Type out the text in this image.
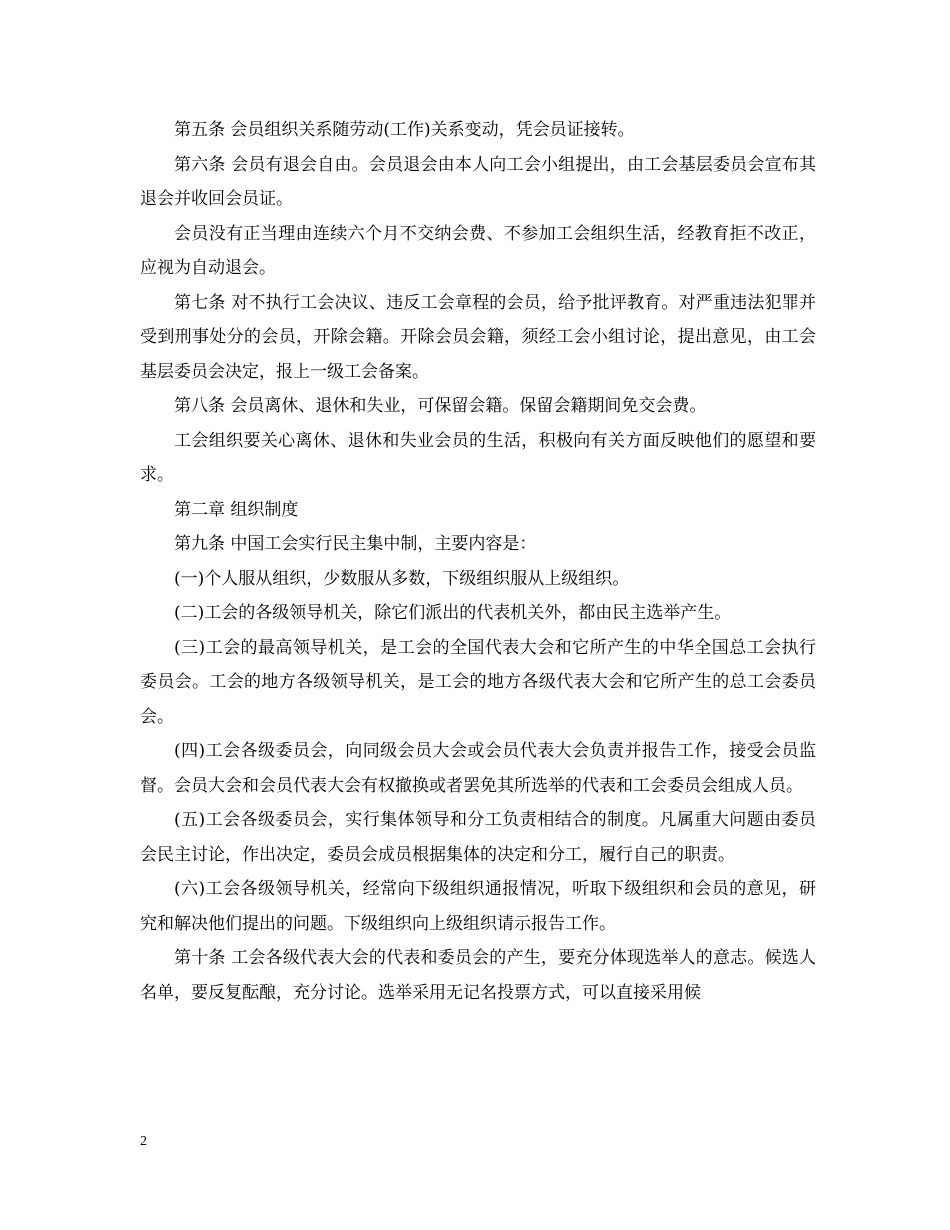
第五条 会员组织关系随劳动(工作)关系变动，凭会员证接转。

第六条 会员有退会自由。会员退会由本人向工会小组提出，由工会基层委员会宣布其退会并收回会员证。

会员没有正当理由连续六个月不交纳会费、不参加工会组织生活，经教育拒不改正，应视为自动退会。

第七条 对不执行工会决议、违反工会章程的会员，给予批评教育。对严重违法犯罪并受到刑事处分的会员，开除会籍。开除会员会籍，须经工会小组讨论，提出意见，由工会基层委员会决定，报上一级工会备案。

第八条 会员离休、退休和失业，可保留会籍。保留会籍期间免交会费。

工会组织要关心离休、退休和失业会员的生活，积极向有关方面反映他们的愿望和要求。

第二章 组织制度

第九条 中国工会实行民主集中制，主要内容是：

(一)个人服从组织，少数服从多数，下级组织服从上级组织。

(二)工会的各级领导机关，除它们派出的代表机关外，都由民主选举产生。

(三)工会的最高领导机关，是工会的全国代表大会和它所产生的中华全国总工会执行委员会。工会的地方各级领导机关，是工会的地方各级代表大会和它所产生的总工会委员会。

(四)工会各级委员会，向同级会员大会或会员代表大会负责并报告工作，接受会员监督。会员大会和会员代表大会有权撤换或者罢免其所选举的代表和工会委员会组成人员。

(五)工会各级委员会，实行集体领导和分工负责相结合的制度。凡属重大问题由委员会民主讨论，作出决定，委员会成员根据集体的决定和分工，履行自己的职责。

(六)工会各级领导机关，经常向下级组织通报情况，听取下级组织和会员的意见，研究和解决他们提出的问题。下级组织向上级组织请示报告工作。

第十条 工会各级代表大会的代表和委员会的产生，要充分体现选举人的意志。候选人名单，要反复酝酿，充分讨论。选举采用无记名投票方式，可以直接采用候

2
